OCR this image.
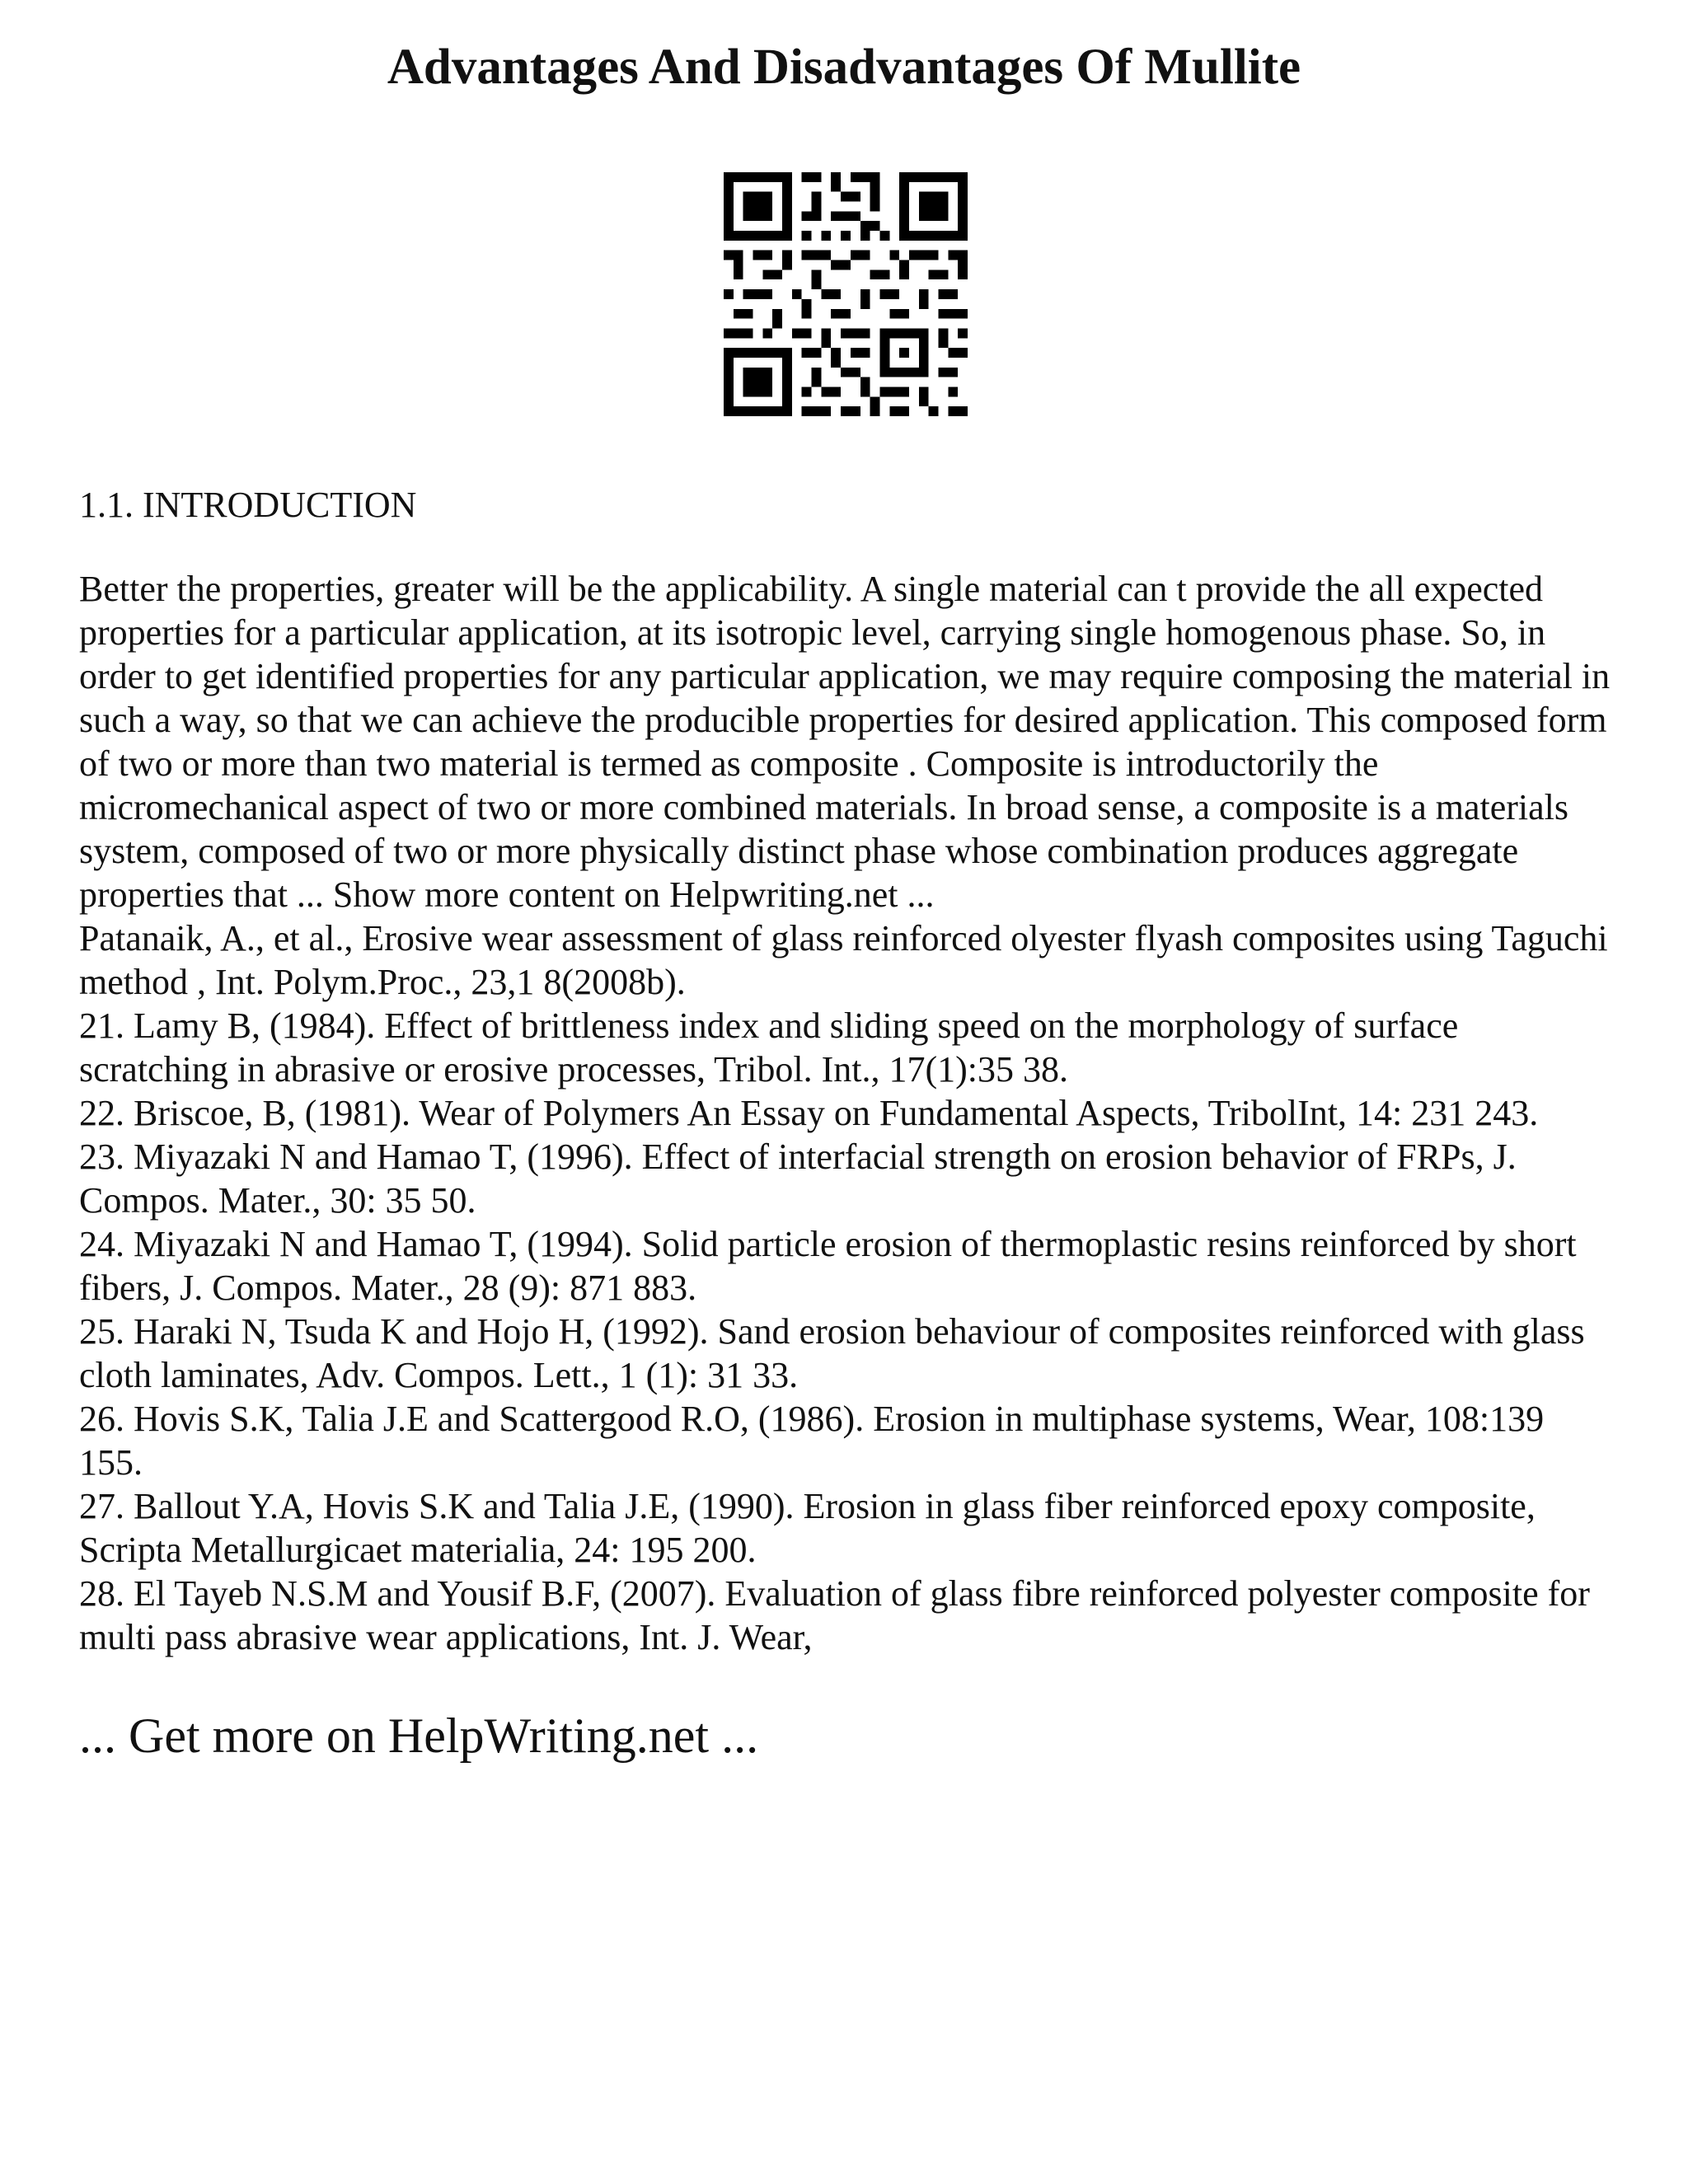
Advantages And Disadvantages Of Mullite
1.1. INTRODUCTION

Better the properties, greater will be the applicability. A single material can t provide the all expected properties for a particular application, at its isotropic level, carrying single homogenous phase. So, in order to get identified properties for any particular application, we may require composing the material in such a way, so that we can achieve the producible properties for desired application. This composed form of two or more than two material is termed as composite . Composite is introductorily the micromechanical aspect of two or more combined materials. In broad sense, a composite is a materials system, composed of two or more physically distinct phase whose combination produces aggregate properties that ... Show more content on Helpwriting.net ...

Patanaik, A., et al., Erosive wear assessment of glass reinforced olyester flyash composites using Taguchi method , Int. Polym.Proc., 23,1 8(2008b).

21. Lamy B, (1984). Effect of brittleness index and sliding speed on the morphology of surface scratching in abrasive or erosive processes, Tribol. Int., 17(1):35 38.

22. Briscoe, B, (1981). Wear of Polymers An Essay on Fundamental Aspects, TribolInt, 14: 231 243.

23. Miyazaki N and Hamao T, (1996). Effect of interfacial strength on erosion behavior of FRPs, J. Compos. Mater., 30: 35 50.

24. Miyazaki N and Hamao T, (1994). Solid particle erosion of thermoplastic resins reinforced by short fibers, J. Compos. Mater., 28 (9): 871 883.

25. Haraki N, Tsuda K and Hojo H, (1992). Sand erosion behaviour of composites reinforced with glass cloth laminates, Adv. Compos. Lett., 1 (1): 31 33.

26. Hovis S.K, Talia J.E and Scattergood R.O, (1986). Erosion in multiphase systems, Wear, 108:139 155.

27. Ballout Y.A, Hovis S.K and Talia J.E, (1990). Erosion in glass fiber reinforced epoxy composite, Scripta Metallurgicaet materialia, 24: 195 200.

28. El Tayeb N.S.M and Yousif B.F, (2007). Evaluation of glass fibre reinforced polyester composite for multi pass abrasive wear applications, Int. J. Wear,

... Get more on HelpWriting.net ...
